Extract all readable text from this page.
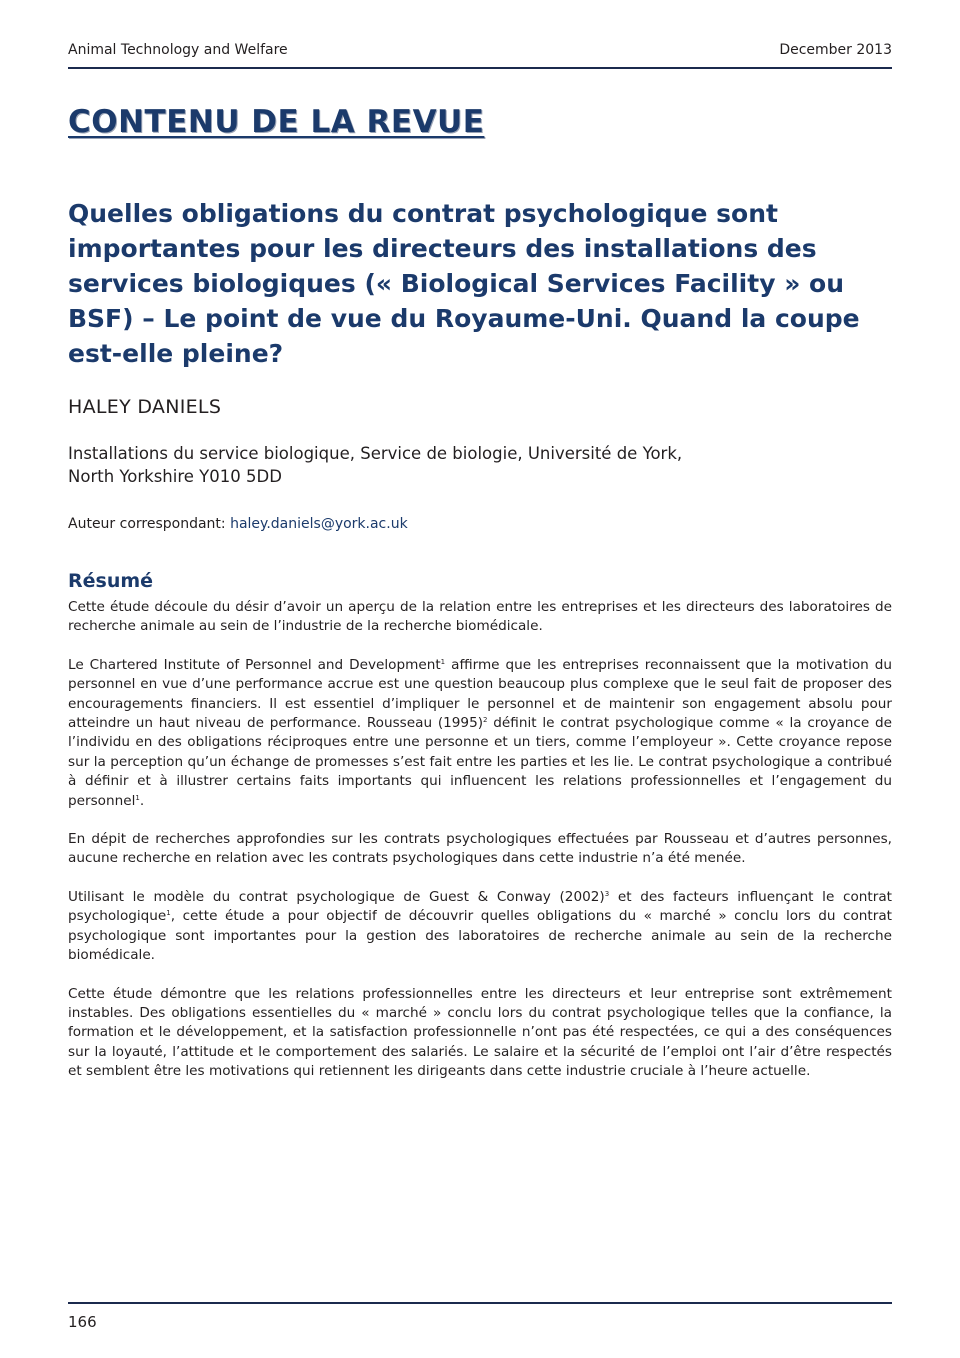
Animal Technology and Welfare	December 2013
CONTENU DE LA REVUE
Quelles obligations du contrat psychologique sont importantes pour les directeurs des installations des services biologiques (« Biological Services Facility » ou BSF) – Le point de vue du Royaume-Uni. Quand la coupe est-elle pleine?
HALEY DANIELS
Installations du service biologique, Service de biologie, Université de York,
North Yorkshire Y010 5DD
Auteur correspondant: haley.daniels@york.ac.uk
Résumé

Cette étude découle du désir d’avoir un aperçu de la relation entre les entreprises et les directeurs des laboratoires de recherche animale au sein de l’industrie de la recherche biomédicale.

Le Chartered Institute of Personnel and Development$^1$ affirme que les entreprises reconnaissent que la motivation du personnel en vue d’une performance accrue est une question beaucoup plus complexe que le seul fait de proposer des encouragements financiers. Il est essentiel d’impliquer le personnel et de maintenir son engagement absolu pour atteindre un haut niveau de performance. Rousseau $(1995)^2$ définit le contrat psychologique comme « la croyance de l’individu en des obligations réciproques entre une personne et un tiers, comme l’employeur ». Cette croyance repose sur la perception qu’un échange de promesses s’est fait entre les parties et les lie. Le contrat psychologique a contribué à définir et à illustrer certains faits importants qui influencent les relations professionnelles et l’engagement du personnel$^1$.

En dépit de recherches approfondies sur les contrats psychologiques effectuées par Rousseau et d’autres personnes, aucune recherche en relation avec les contrats psychologiques dans cette industrie n’a été menée.

Utilisant le modèle du contrat psychologique de Guest & Conway $(2002)^3$ et des facteurs influençant le contrat psychologique$^1$, cette étude a pour objectif de découvrir quelles obligations du « marché » conclu lors du contrat psychologique sont importantes pour la gestion des laboratoires de recherche animale au sein de la recherche biomédicale.

Cette étude démontre que les relations professionnelles entre les directeurs et leur entreprise sont extrêmement instables. Des obligations essentielles du « marché » conclu lors du contrat psychologique telles que la confiance, la formation et le développement, et la satisfaction professionnelle n’ont pas été respectées, ce qui a des conséquences sur la loyauté, l’attitude et le comportement des salariés. Le salaire et la sécurité de l’emploi ont l’air d’être respectés et semblent être les motivations qui retiennent les dirigeants dans cette industrie cruciale à l’heure actuelle.

166
